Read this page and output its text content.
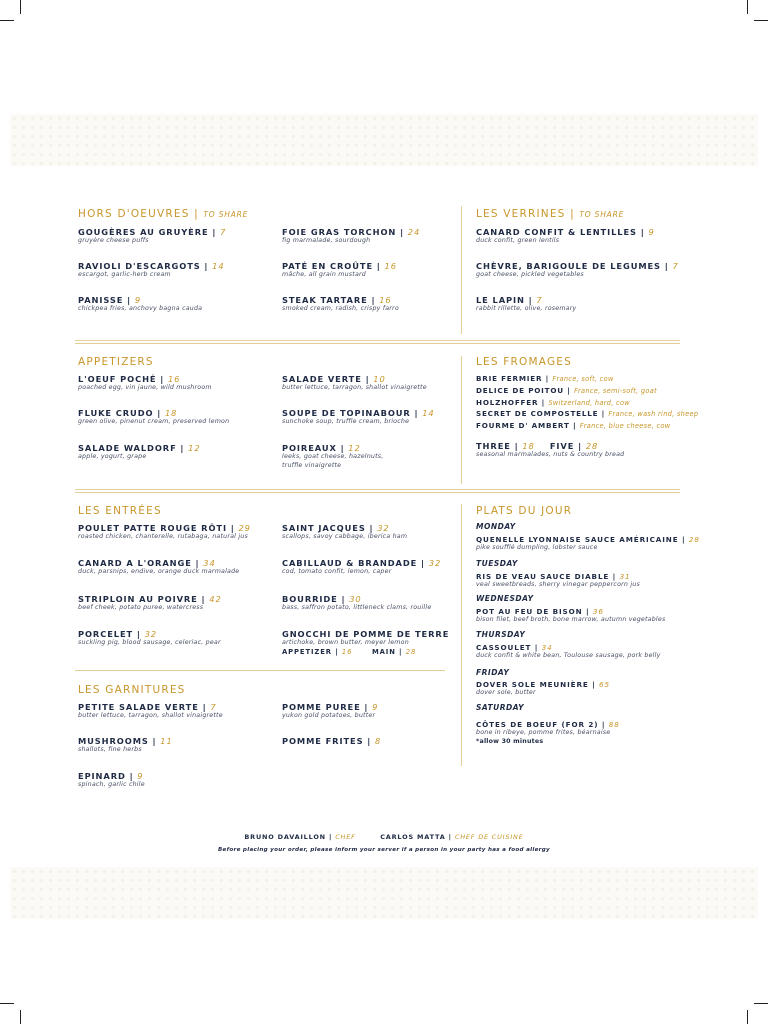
HORS D'OEUVRES | TO SHARE
GOUGÈRES AU GRUYÈRE | 7
gruyère cheese puffs
RAVIOLI D'ESCARGOTS | 14
escargot, garlic-herb cream
PANISSE | 9
chickpea fries, anchovy bagna cauda
FOIE GRAS TORCHON | 24
fig marmalade, sourdough
PATÉ EN CROÛTE | 16
mâche, all grain mustard
STEAK TARTARE | 16
smoked cream, radish, crispy farro
LES VERRINES | TO SHARE
CANARD CONFIT & LENTILLES | 9
duck confit, green lentils
CHÈVRE, BARIGOULE DE LEGUMES | 7
goat cheese, pickled vegetables
LE LAPIN | 7
rabbit rillette, olive, rosemary
APPETIZERS
L'OEUF POCHÉ | 16
poached egg, vin jaune, wild mushroom
FLUKE CRUDO | 18
green olive, pinenut cream, preserved lemon
SALADE WALDORF | 12
apple, yogurt, grape
SALADE VERTE | 10
butter lettuce, tarragon, shallot vinaigrette
SOUPE DE TOPINABOUR | 14
sunchoke soup, truffle cream, brioche
POIREAUX | 12
leeks, goat cheese, hazelnuts,
truffle vinaigrette
LES FROMAGES
BRIE FERMIER | France, soft, cow
DELICE DE POITOU | France, semi-soft, goat
HOLZHOFFER | Switzerland, hard, cow
SECRET DE COMPOSTELLE | France, wash rind, sheep
FOURME D' AMBERT | France, blue cheese, cow
THREE | 18 FIVE | 28
seasonal marmalades, nuts & country bread
LES ENTRÉES
POULET PATTE ROUGE RÔTI | 29
roasted chicken, chanterelle, rutabaga, natural jus
CANARD A L'ORANGE | 34
duck, parsnips, endive, orange duck marmalade
STRIPLOIN AU POIVRE | 42
beef cheek, potato puree, watercress
PORCELET | 32
suckling pig, blood sausage, celeriac, pear
SAINT JACQUES | 32
scallops, savoy cabbage, iberica ham
CABILLAUD & BRANDADE | 32
cod, tomato confit, lemon, caper
BOURRIDE | 30
bass, saffron potato, littleneck clams, rouille
GNOCCHI DE POMME DE TERRE
artichoke, brown butter, meyer lemon
APPETIZER | 16	MAIN | 28
LES GARNITURES
PETITE SALADE VERTE | 7
butter lettuce, tarragon, shallot vinaigrette
MUSHROOMS | 11
shallots, fine herbs
EPINARD | 9
spinach, garlic chile
POMME PUREE | 9
yukon gold potatoes, butter
POMME FRITES | 8
PLATS DU JOUR
MONDAY
QUENELLE LYONNAISE SAUCE AMÉRICAINE | 28
pike soufflé dumpling, lobster sauce
TUESDAY
RIS DE VEAU SAUCE DIABLE | 31
veal sweetbreads, sherry vinegar peppercorn jus
WEDNESDAY
POT AU FEU DE BISON | 36
bison filet, beef broth, bone marrow, autumn vegetables
THURSDAY
CASSOULET | 34
duck confit & white bean, Toulouse sausage, pork belly
FRIDAY
DOVER SOLE MEUNIÈRE | 65
dover sole, butter
SATURDAY
CÔTES DE BOEUF (FOR 2) | 88
bone in ribeye, pomme frites, béarnaise
*allow 30 minutes
BRUNO DAVAILLON | CHEF	CARLOS MATTA | CHEF DE CUISINE
Before placing your order, please inform your server if a person in your party has a food allergy
